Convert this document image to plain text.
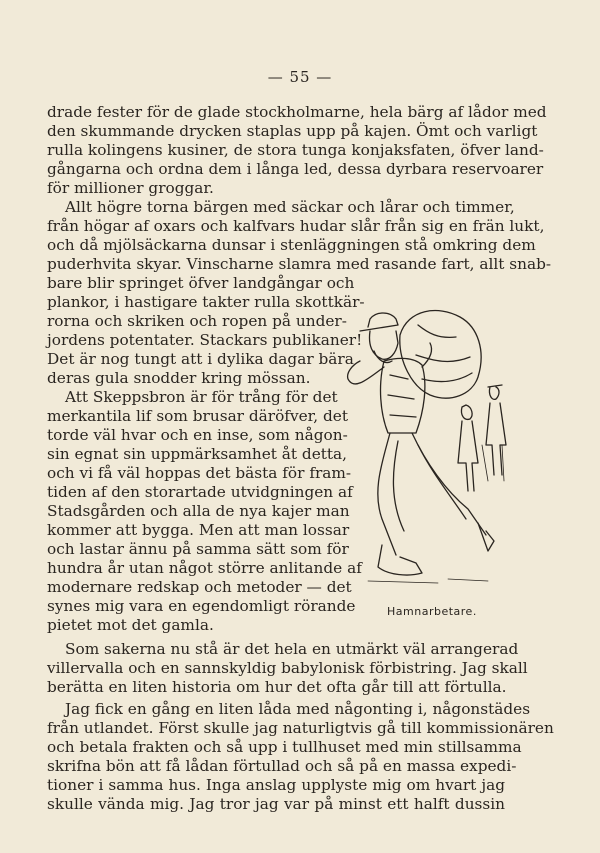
— 55 —
drade fester för de glade stockholmarne, hela bärg af lådor med
den skummande drycken staplas upp på kajen. Ömt och varligt
rulla kolingens kusiner, de stora tunga konjaksfaten, öfver land-
gångarna och ordna dem i långa led, dessa dyrbara reservoarer
för millioner groggar.
Allt högre torna bärgen med säckar och lårar och timmer,
från högar af oxars och kalfvars hudar slår från sig en frän lukt,
och då mjölsäckarna dunsar i stenläggningen stå omkring dem
puderhvita skyar. Vinscharne slamra med rasande fart, allt snab-
bare blir springet öfver landgångar och
plankor, i hastigare takter rulla skottkär-
rorna och skriken och ropen på under-
jordens potentater. Stackars publikaner!
Det är nog tungt att i dylika dagar bära
deras gula snodder kring mössan.
Att Skeppsbron är för trång för det
merkantila lif som brusar däröfver, det
torde väl hvar och en inse, som någon-
sin egnat sin uppmärksamhet åt detta,
och vi få väl hoppas det bästa för fram-
tiden af den storartade utvidgningen af
Stadsgården och alla de nya kajer man
kommer att bygga. Men att man lossar
och lastar ännu på samma sätt som för
hundra år utan något större anlitande af
modernare redskap och metoder — det
synes mig vara en egendomligt rörande
pietet mot det gamla.
Som sakerna nu stå är det hela en utmärkt väl arrangerad
villervalla och en sannskyldig babylonisk förbistring. Jag skall
berätta en liten historia om hur det ofta går till att förtulla.
Jag fick en gång en liten låda med någonting i, någonstädes
från utlandet. Först skulle jag naturligtvis gå till kommissionären
och betala frakten och så upp i tullhuset med min stillsamma
skrifna bön att få lådan förtullad och så på en massa expedi-
tioner i samma hus. Inga anslag upplyste mig om hvart jag
skulle vända mig. Jag tror jag var på minst ett halft dussin
Hamnarbetare.
